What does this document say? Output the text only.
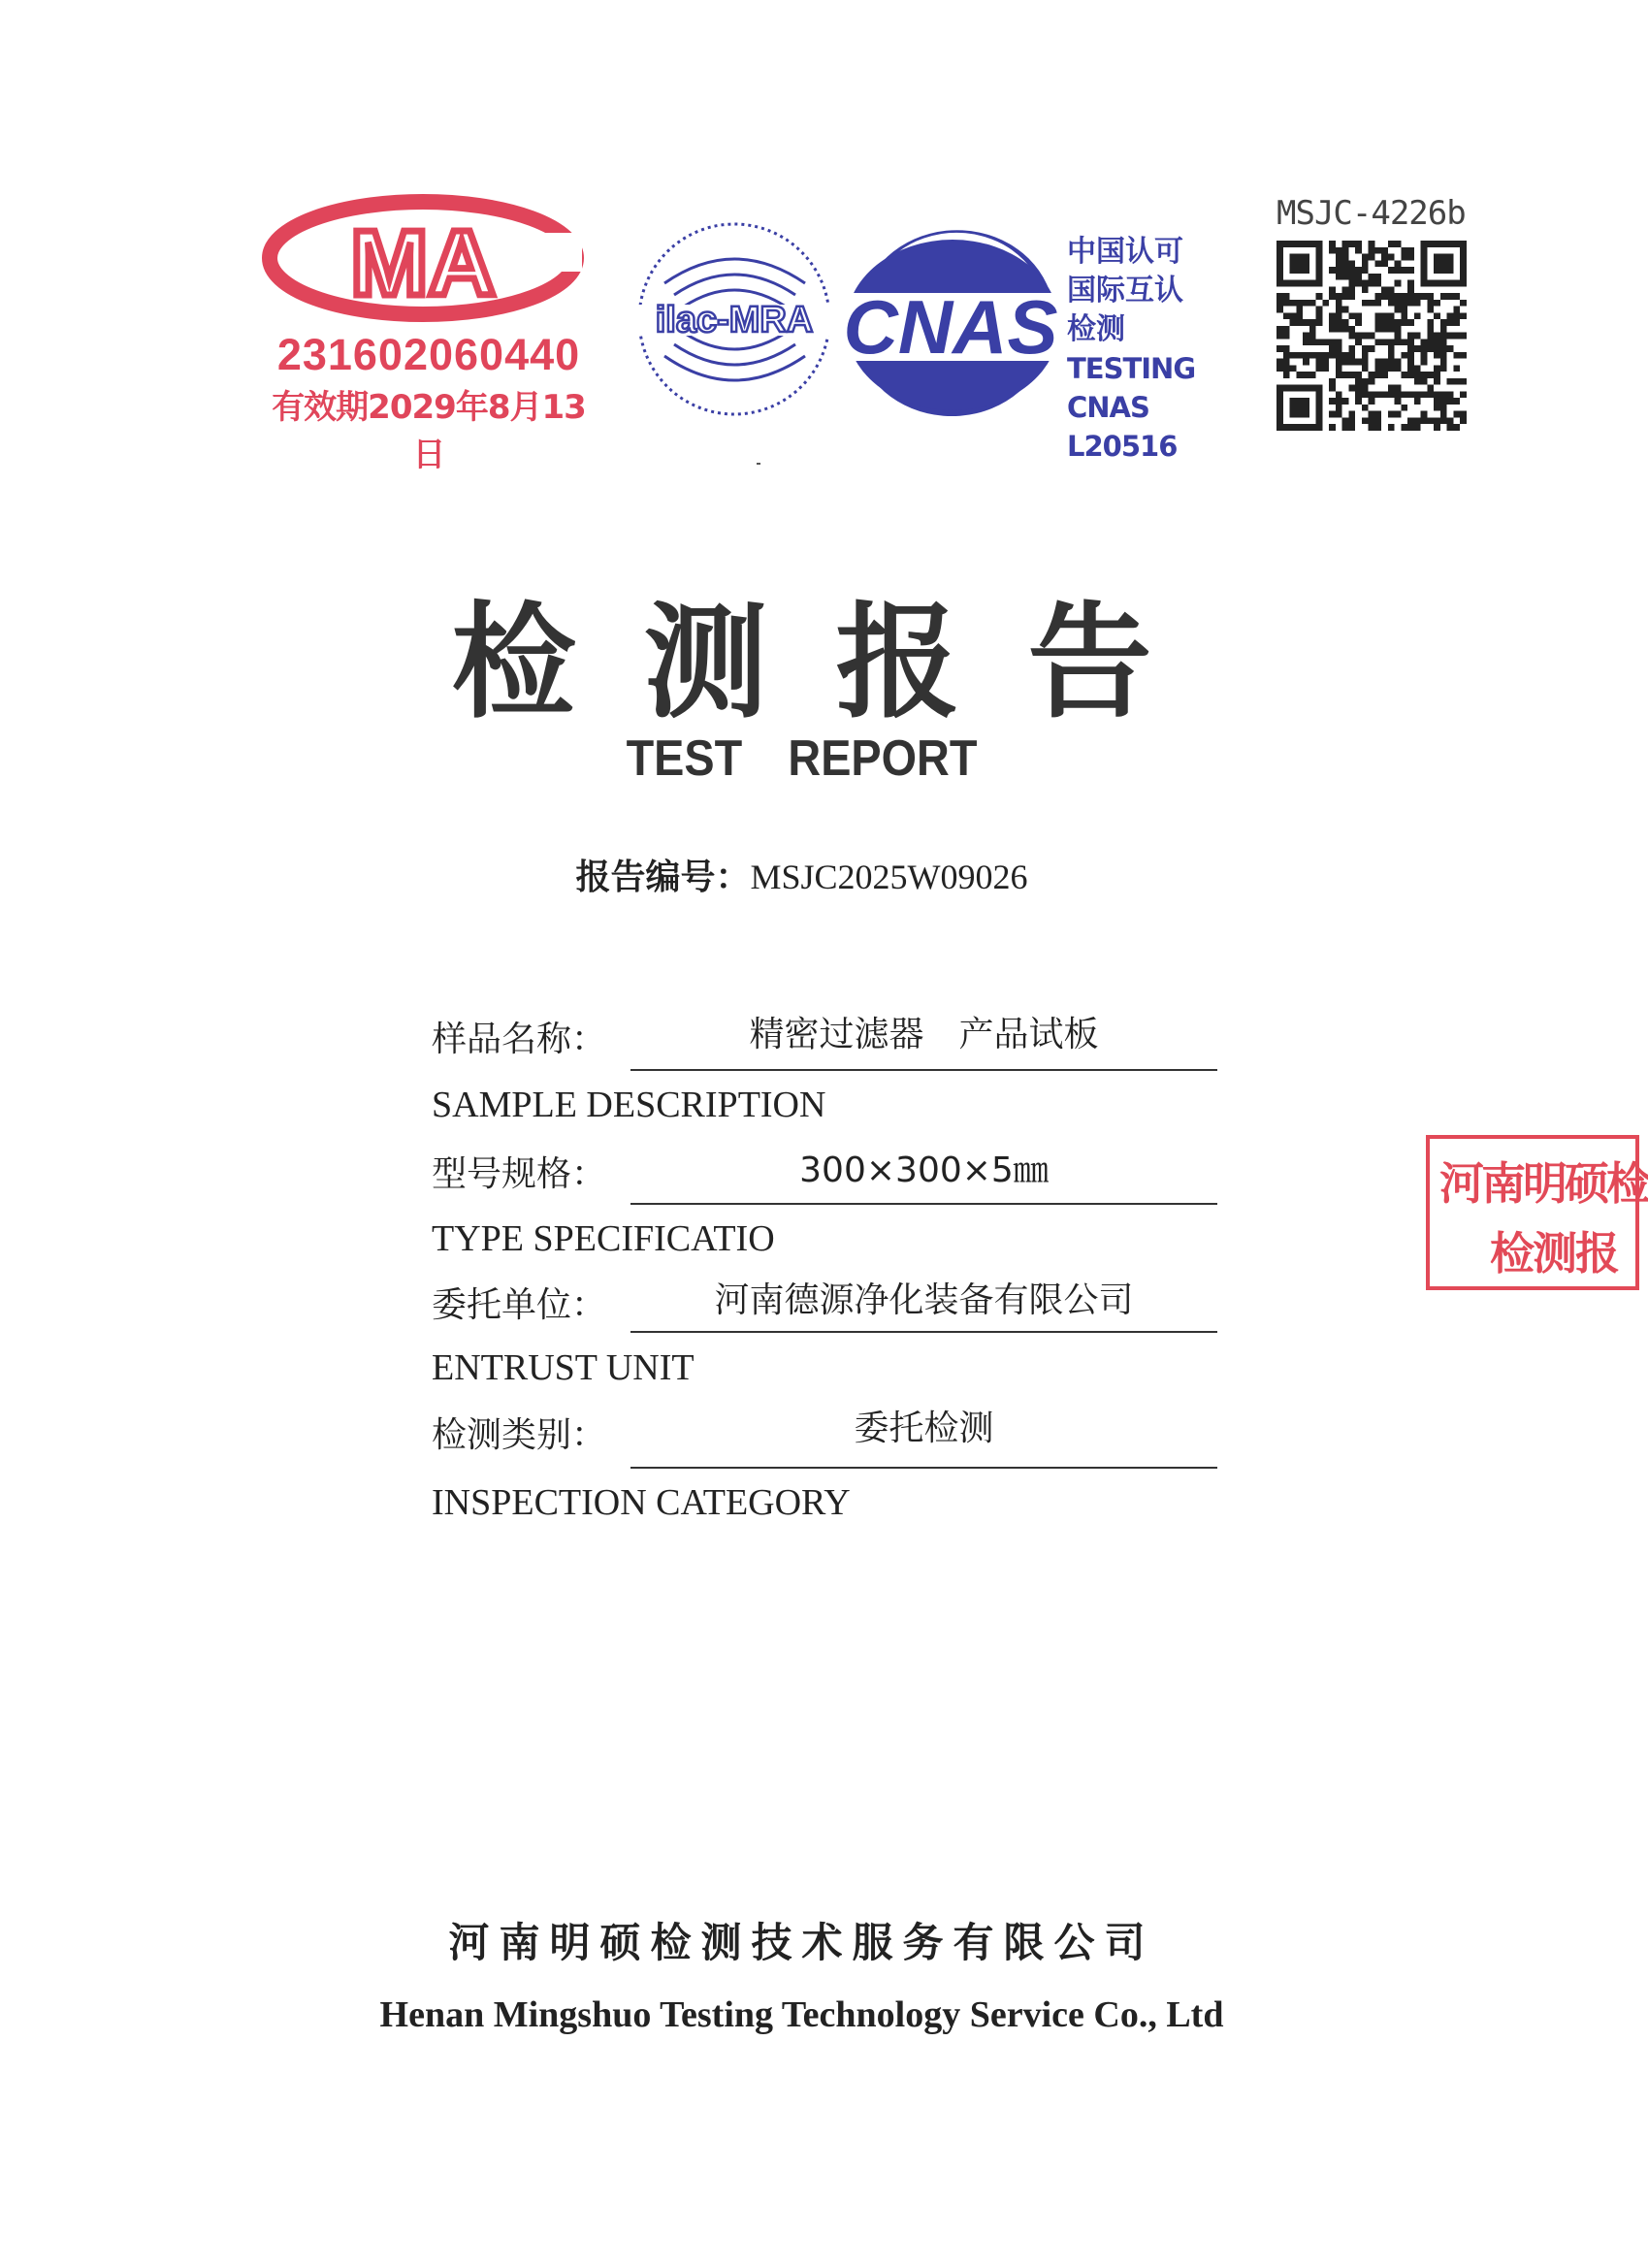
MA
231602060440
有效期2029年8月13日
ilac-MRA CNAS
中国认可
国际互认
检测
TESTING
CNAS L20516
MSJC-4226b
检测报告
TEST REPORT
报告编号：MSJC2025W09026
样品名称：	精密过滤器　产品试板
SAMPLE DESCRIPTION
型号规格：	300×300×5㎜
TYPE SPECIFICATIO
委托单位：	河南德源净化装备有限公司
ENTRUST UNIT
检测类别：	委托检测
INSPECTION CATEGORY
河南明硕检
检测报
河南明硕检测技术服务有限公司
Henan Mingshuo Testing Technology Service Co., Ltd
